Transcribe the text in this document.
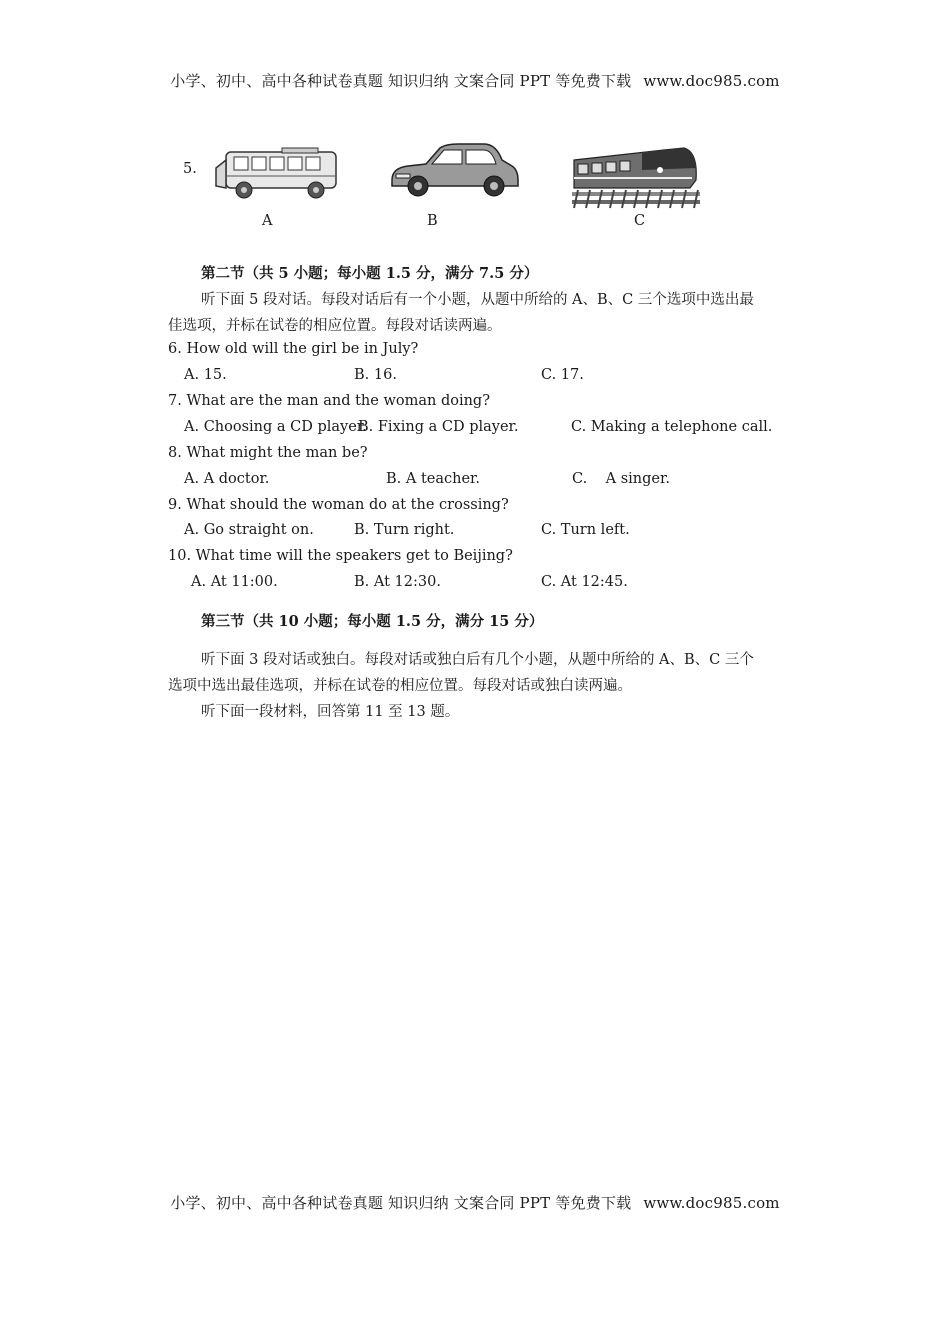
小学、初中、高中各种试卷真题 知识归纳 文案合同 PPT 等免费下载 www.doc985.com
5.
A	B	C
第二节（共 5 小题；每小题 1.5 分，满分 7.5 分）
听下面 5 段对话。每段对话后有一个小题，从题中所给的 A、B、C 三个选项中选出最
佳选项，并标在试卷的相应位置。每段对话读两遍。
6. How old will the girl be in July?
A. 15.	B. 16.	C. 17.
7. What are the man and the woman doing?
A. Choosing a CD player.
B. Fixing a CD player.	C. Making a telephone call.
8. What might the man be?
A. A doctor.	B. A teacher.	C.    A singer.
9. What should the woman do at the crossing?
A. Go straight on.	B. Turn right.	C. Turn left.
10. What time will the speakers get to Beijing?
A. At 11:00.	B. At 12:30.	C. At 12:45.
第三节（共 10 小题；每小题 1.5 分，满分 15 分）
听下面 3 段对话或独白。每段对话或独白后有几个小题，从题中所给的 A、B、C 三个
选项中选出最佳选项，并标在试卷的相应位置。每段对话或独白读两遍。
听下面一段材料，回答第 11 至 13 题。
小学、初中、高中各种试卷真题 知识归纳 文案合同 PPT 等免费下载 www.doc985.com
